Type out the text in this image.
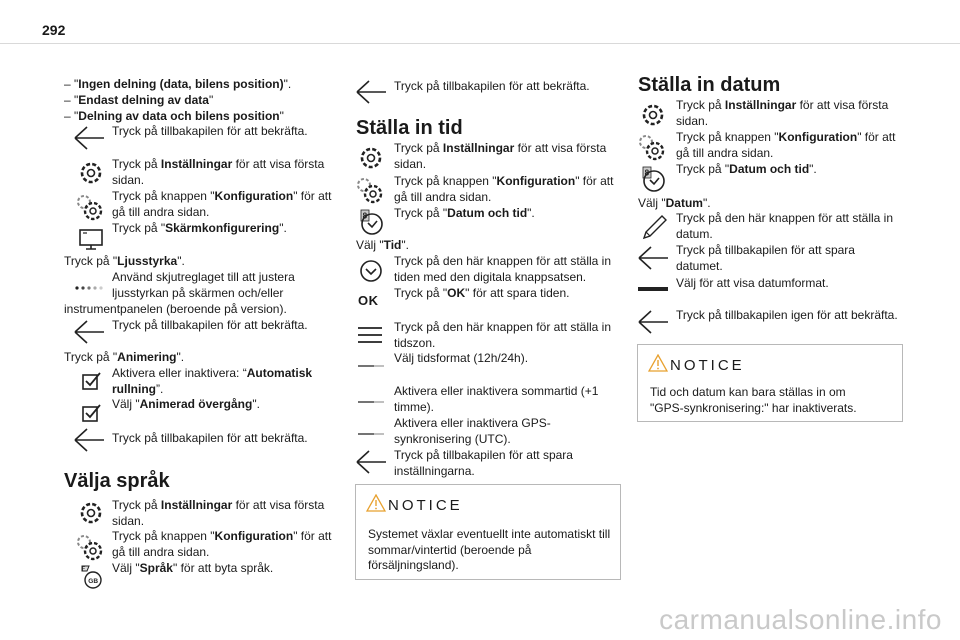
292
– "Ingen delning (data, bilens position)".
– "Endast delning av data"
– "Delning av data och bilens position"
Tryck på tillbakapilen för att bekräfta.
Tryck på Inställningar för att visa första
sidan.
Tryck på knappen "Konfiguration" för att
gå till andra sidan.
Tryck på "Skärmkonfigurering".
Tryck på "Ljusstyrka".
Använd skjutreglaget till att justera
ljusstyrkan på skärmen och/eller
instrumentpanelen (beroende på version).
Tryck på tillbakapilen för att bekräfta.
Tryck på "Animering".
Aktivera eller inaktivera: “Automatisk
rullning”.
Välj "Animerad övergång".
Tryck på tillbakapilen för att bekräfta.
Välja språk
Tryck på Inställningar för att visa första
sidan.
Tryck på knappen "Konfiguration" för att
gå till andra sidan.
GB
F Välj "Språk" för att byta språk.
Tryck på tillbakapilen för att bekräfta.
Ställa in tid
Tryck på Inställningar för att visa första
sidan.
Tryck på knappen "Konfiguration" för att
gå till andra sidan.
8 Tryck på "Datum och tid".
Välj "Tid".
Tryck på den här knappen för att ställa in
tiden med den digitala knappsatsen.
OK Tryck på "OK" för att spara tiden.
Tryck på den här knappen för att ställa in
tidszon.
Välj tidsformat (12h/24h).
Aktivera eller inaktivera sommartid (+1
timme).
Aktivera eller inaktivera GPS-
synkronisering (UTC).
Tryck på tillbakapilen för att spara
inställningarna.
NOTICE
Systemet växlar eventuellt inte automatiskt till
sommar/vintertid (beroende på
försäljningsland).
Ställa in datum
Tryck på Inställningar för att visa första
sidan.
Tryck på knappen "Konfiguration" för att
gå till andra sidan.
8 Tryck på "Datum och tid".
Välj "Datum".
Tryck på den här knappen för att ställa in
datum.
Tryck på tillbakapilen för att spara
datumet.
Välj för att visa datumformat.
Tryck på tillbakapilen igen för att bekräfta.
NOTICE
Tid och datum kan bara ställas in om
"GPS-synkronisering:" har inaktiverats.
carmanualsonline.info
